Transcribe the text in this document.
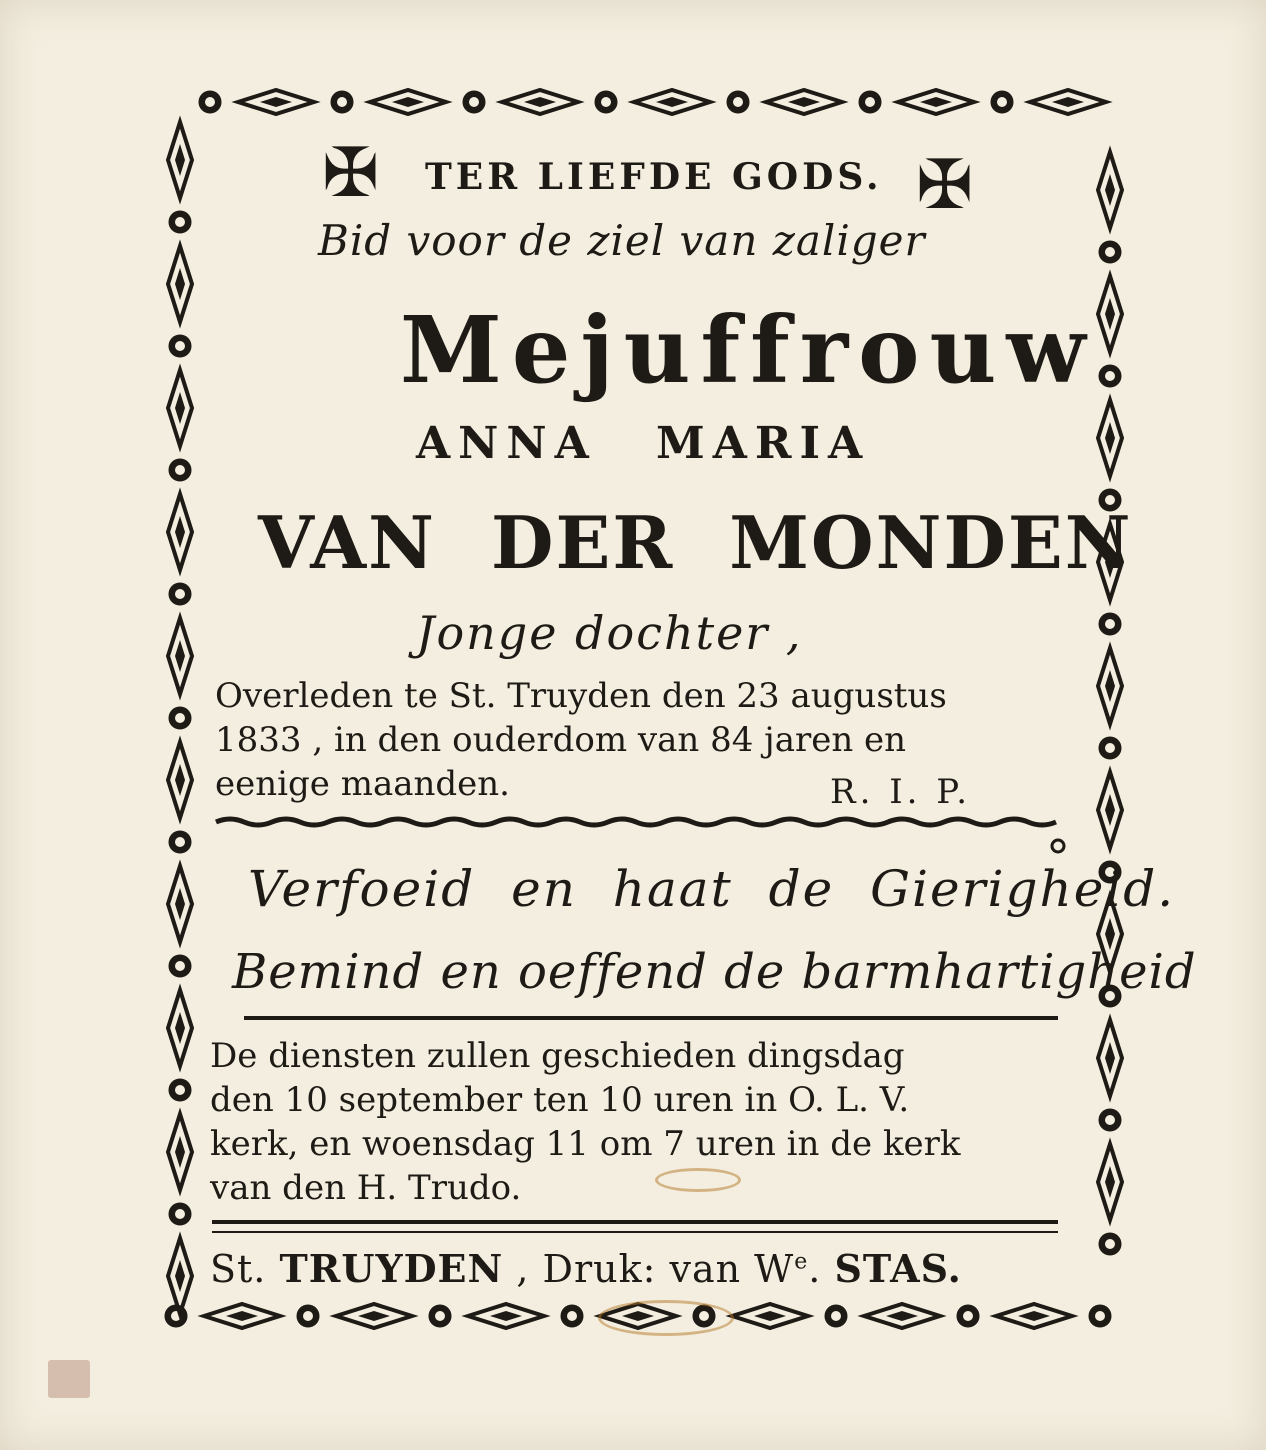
✠	✠
TER LIEFDE GODS.
Bid voor de ziel van zaliger
Mejuffrouw
ANNA MARIA
VAN DER MONDEN
Jonge dochter ,
Overleden te St. Truyden den 23 augustus
1833 , in den ouderdom van 84 jaren en
eenige maanden.	R. I. P.
Verfoeid en haat de Gierigheid.
Bemind en oeffend de barmhartigheid
De diensten zullen geschieden dingsdag
den 10 september ten 10 uren in O. L. V.
kerk, en woensdag 11 om 7 uren in de kerk
van den H. Trudo.
St. TRUYDEN , Druk: van $W^e$. STAS.
